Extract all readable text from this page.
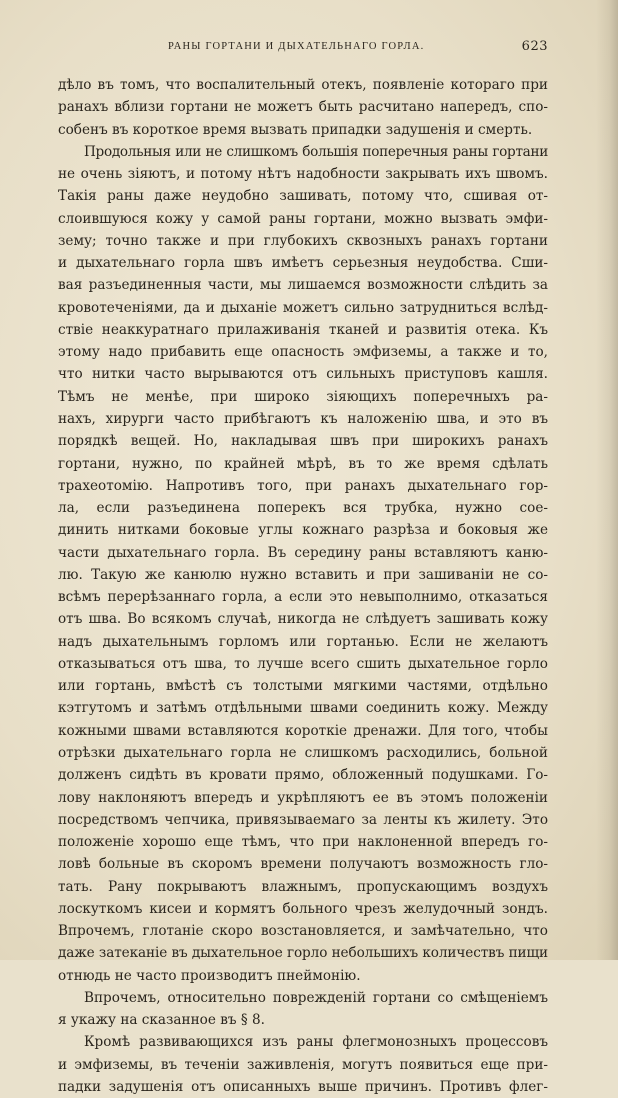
РАНЫ ГОРТАНИ И ДЫХАТЕЛЬНАГО ГОРЛА.	623
дѣло въ томъ, что воспалительный отекъ, появленіе котораго при
ранахъ вблизи гортани не можетъ быть расчитано напередъ, спо-
собенъ въ короткое время вызвать припадки задушенія и смерть.
Продольныя или не слишкомъ большія поперечныя раны гортани
не очень зіяютъ, и потому нѣтъ надобности закрывать ихъ швомъ.
Такія раны даже неудобно зашивать, потому что, сшивая от-
слоившуюся кожу у самой раны гортани, можно вызвать эмфи-
зему; точно также и при глубокихъ сквозныхъ ранахъ гортани
и дыхательнаго горла швъ имѣетъ серьезныя неудобства. Сши-
вая разъединенныя части, мы лишаемся возможности слѣдить за
кровотеченіями, да и дыханіе можетъ сильно затрудниться вслѣд-
ствіе неаккуратнаго прилаживанія тканей и развитія отека. Къ
этому надо прибавить еще опасность эмфиземы, а также и то,
что нитки часто вырываются отъ сильныхъ приступовъ кашля.
Тѣмъ не менѣе, при широко зіяющихъ поперечныхъ ра-
нахъ, хирурги часто прибѣгаютъ къ наложенію шва, и это въ
порядкѣ вещей. Но, накладывая швъ при широкихъ ранахъ
гортани, нужно, по крайней мѣрѣ, въ то же время сдѣлать
трахеотомію. Напротивъ того, при ранахъ дыхательнаго гор-
ла, если разъединена поперекъ вся трубка, нужно сое-
динить нитками боковые углы кожнаго разрѣза и боковыя же
части дыхательнаго горла. Въ середину раны вставляютъ каню-
лю. Такую же канюлю нужно вставить и при зашиваніи не со-
всѣмъ перерѣзаннаго горла, а если это невыполнимо, отказаться
отъ шва. Во всякомъ случаѣ, никогда не слѣдуетъ зашивать кожу
надъ дыхательнымъ горломъ или гортанью. Если не желаютъ
отказываться отъ шва, то лучше всего сшить дыхательное горло
или гортань, вмѣстѣ съ толстыми мягкими частями, отдѣльно
кэтгутомъ и затѣмъ отдѣльными швами соединить кожу. Между
кожными швами вставляются короткіе дренажи. Для того, чтобы
отрѣзки дыхательнаго горла не слишкомъ расходились, больной
долженъ сидѣть въ кровати прямо, обложенный подушками. Го-
лову наклоняютъ впередъ и укрѣпляютъ ее въ этомъ положеніи
посредствомъ чепчика, привязываемаго за ленты къ жилету. Это
положеніе хорошо еще тѣмъ, что при наклоненной впередъ го-
ловѣ больные въ скоромъ времени получаютъ возможность гло-
тать. Рану покрываютъ влажнымъ, пропускающимъ воздухъ
лоскуткомъ кисеи и кормятъ больного чрезъ желудочный зондъ.
Впрочемъ, глотаніе скоро возстановляется, и замѣчательно, что
даже затеканіе въ дыхательное горло небольшихъ количествъ пищи
отнюдь не часто производитъ пнеймонію.
Впрочемъ, относительно поврежденій гортани со смѣщеніемъ
я укажу на сказанное въ § 8.
Кромѣ развивающихся изъ раны флегмонозныхъ процессовъ
и эмфиземы, въ теченіи заживленія, могутъ появиться еще при-
падки задушенія отъ описанныхъ выше причинъ. Противъ флег-
